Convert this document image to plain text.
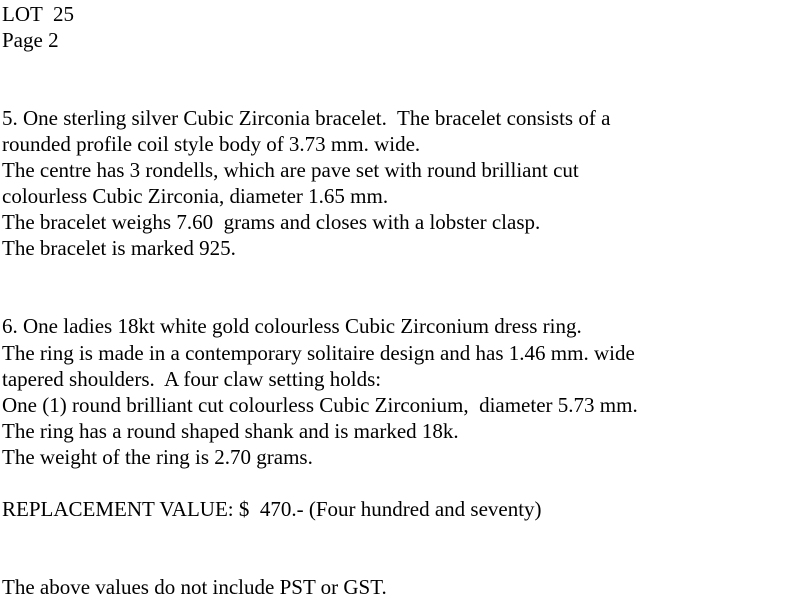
LOT  25

Page 2

5. One sterling silver Cubic Zirconia bracelet.  The bracelet consists of a

rounded profile coil style body of 3.73 mm. wide.

The centre has 3 rondells, which are pave set with round brilliant cut

colourless Cubic Zirconia, diameter 1.65 mm.

The bracelet weighs 7.60  grams and closes with a lobster clasp.

The bracelet is marked 925.

6. One ladies 18kt white gold colourless Cubic Zirconium dress ring.

The ring is made in a contemporary solitaire design and has 1.46 mm. wide

tapered shoulders.  A four claw setting holds:

One (1) round brilliant cut colourless Cubic Zirconium,  diameter 5.73 mm.

The ring has a round shaped shank and is marked 18k.

The weight of the ring is 2.70 grams.

REPLACEMENT VALUE: $  470.- (Four hundred and seventy)

The above values do not include PST or GST.
